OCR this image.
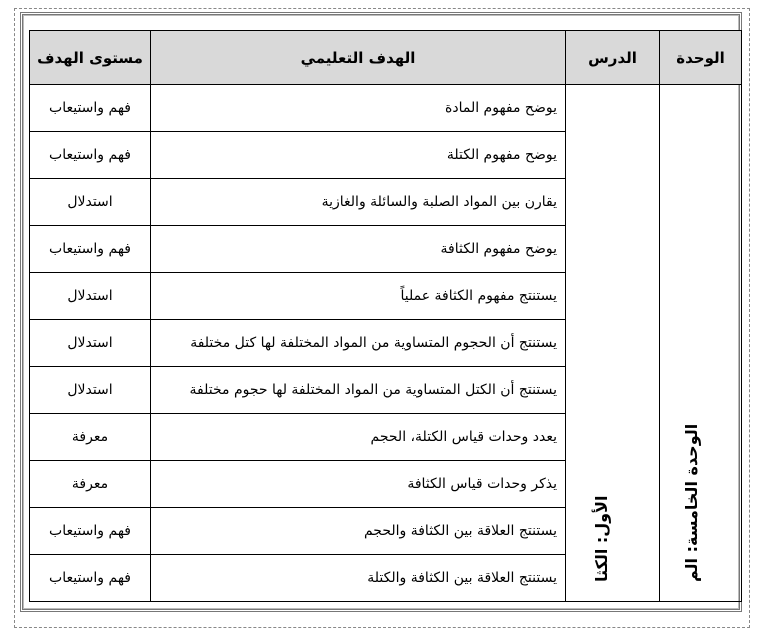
الوحدة	الدرس	الهدف التعليمي	مستوى الهدف

الوحدة الخامسة: الم	الأول: الكثا	يوضح مفهوم المادة	فهم واستيعاب
		يوضح مفهوم الكتلة	فهم واستيعاب
		يقارن بين المواد الصلبة والسائلة والغازية	استدلال
		يوضح مفهوم الكثافة	فهم واستيعاب
		يستنتج مفهوم الكثافة عملياً	استدلال
		يستنتج أن الحجوم المتساوية من المواد المختلفة لها كتل مختلفة	استدلال
		يستنتج أن الكتل المتساوية من المواد المختلفة لها حجوم مختلفة	استدلال
		يعدد وحدات قياس الكتلة، الحجم	معرفة
		يذكر وحدات قياس الكثافة	معرفة
		يستنتج العلاقة بين الكثافة والحجم	فهم واستيعاب
		يستنتج العلاقة بين الكثافة والكتلة	فهم واستيعاب
